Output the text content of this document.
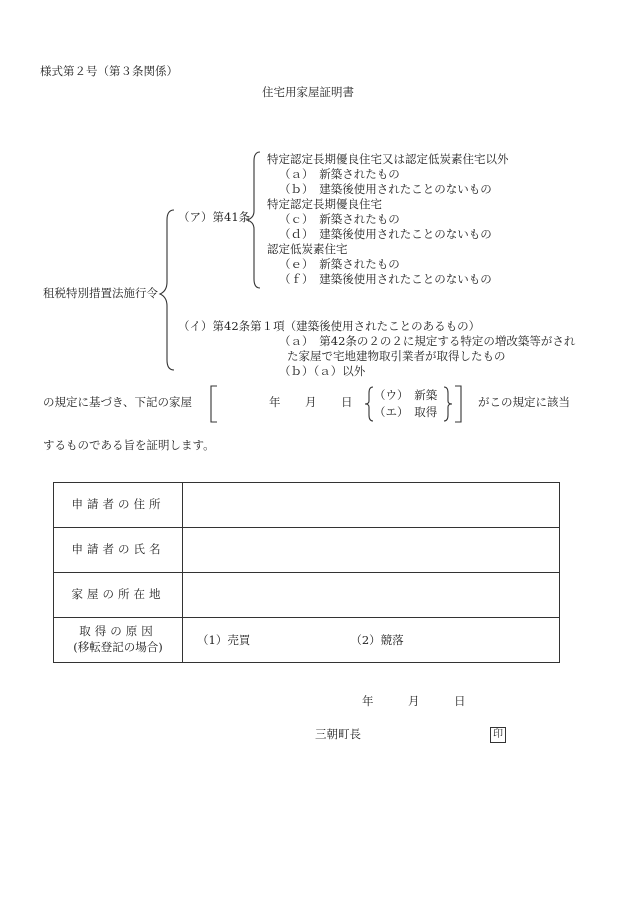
様式第２号（第３条関係）
住宅用家屋証明書
租税特別措置法施行令
（ア）第41条
特定認定長期優良住宅又は認定低炭素住宅以外
（ａ）　新築されたもの
（ｂ）　建築後使用されたことのないもの
特定認定長期優良住宅
（ｃ）　新築されたもの
（ｄ）　建築後使用されたことのないもの
認定低炭素住宅
（ｅ）　新築されたもの
（ｆ）　建築後使用されたことのないもの
（イ）第42条第１項（建築後使用されたことのあるもの）
（ａ）　第42条の２の２に規定する特定の増改築等がされ
た家屋で宅地建物取引業者が取得したもの
（ｂ）（ａ）以外
の規定に基づき、下記の家屋	年 月 日 （ウ）　新築
（エ）　取得
がこの規定に該当
するものである旨を証明します。
申請者の住所	
申請者の氏名	
家屋の所在地	

取得の原因
(移転登記の場合)	（1）売買 （2）競落
年	月	日
三朝町長	印
